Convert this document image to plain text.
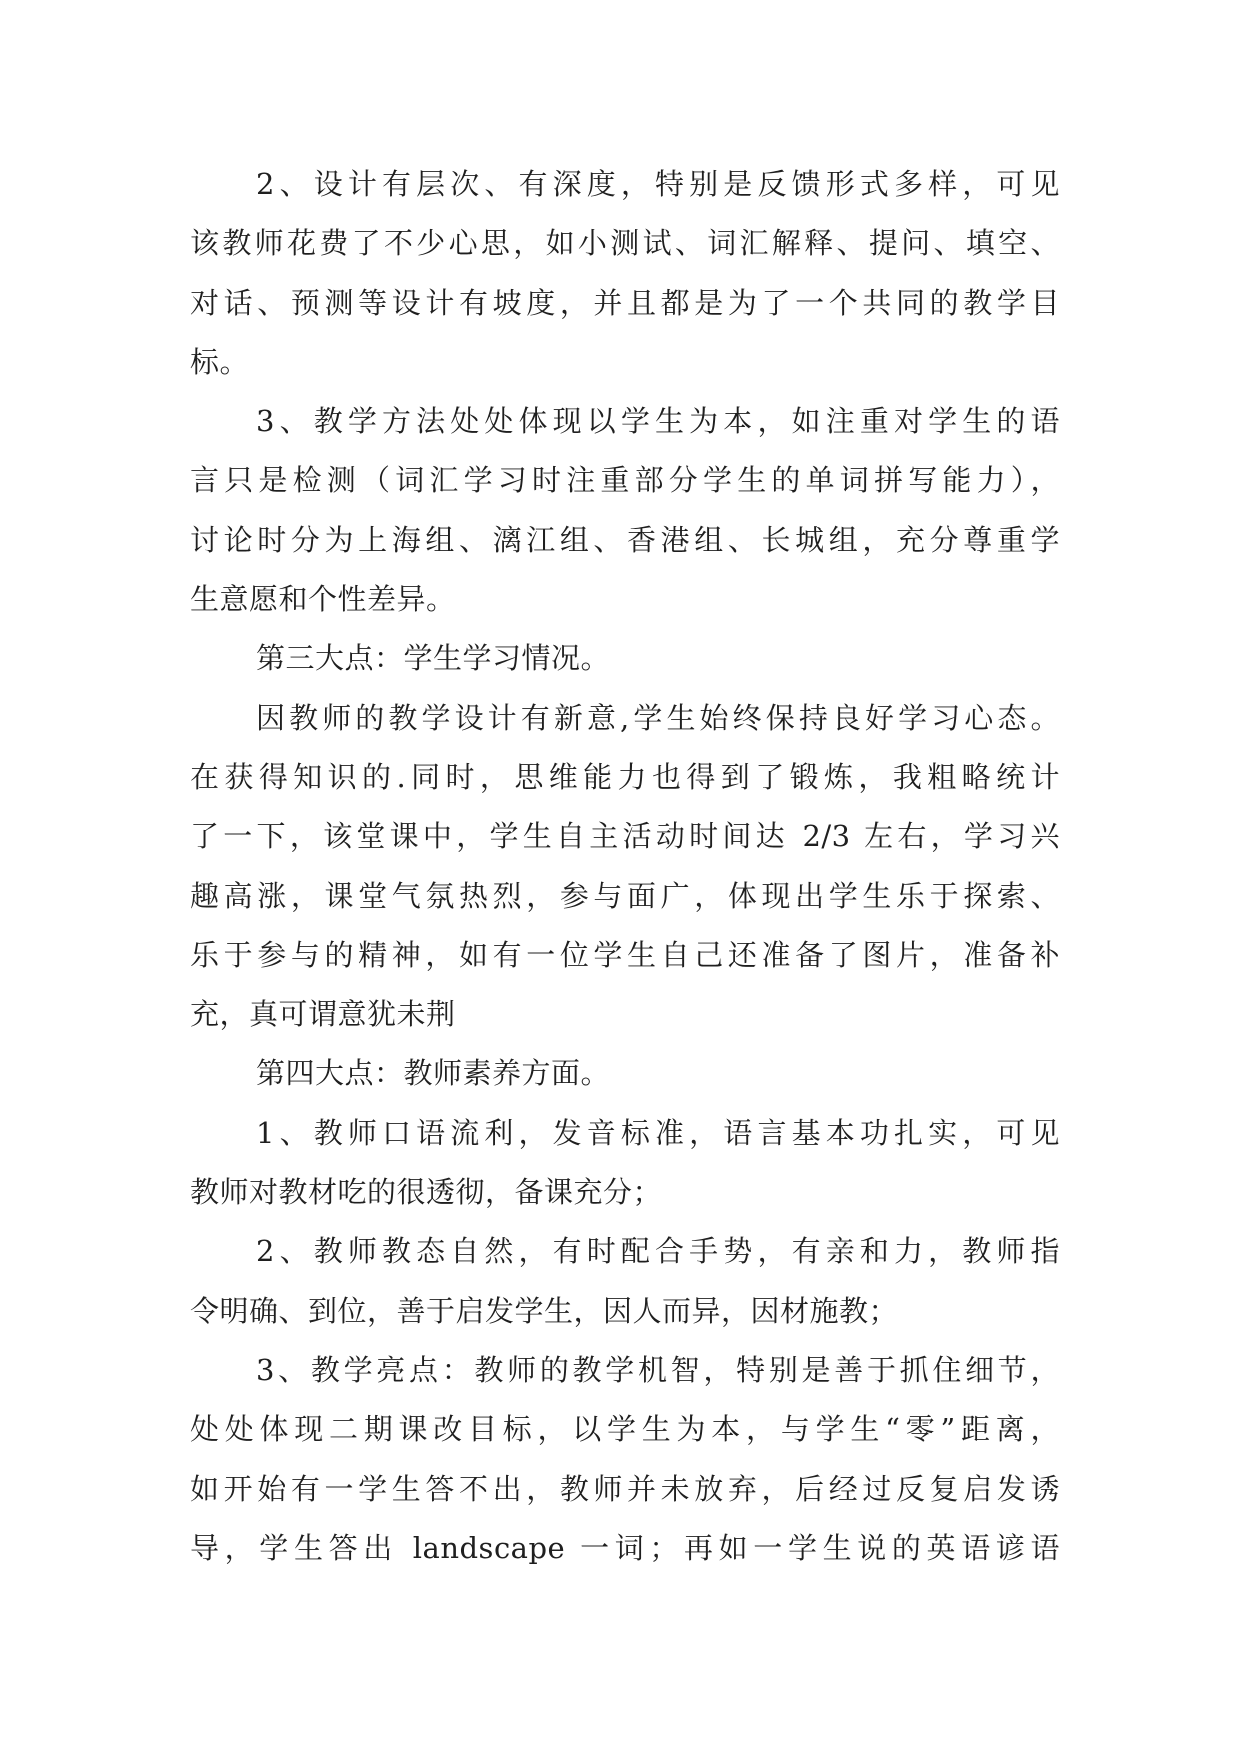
2、设计有层次、有深度，特别是反馈形式多样，可见
该教师花费了不少心思，如小测试、词汇解释、提问、填空、
对话、预测等设计有坡度，并且都是为了一个共同的教学目
标。
3、教学方法处处体现以学生为本，如注重对学生的语
言只是检测（词汇学习时注重部分学生的单词拼写能力），
讨论时分为上海组、漓江组、香港组、长城组，充分尊重学
生意愿和个性差异。
第三大点：学生学习情况。
因教师的教学设计有新意,学生始终保持良好学习心态。
在获得知识的.同时，思维能力也得到了锻炼，我粗略统计
了一下，该堂课中，学生自主活动时间达 2/3 左右，学习兴
趣高涨，课堂气氛热烈，参与面广，体现出学生乐于探索、
乐于参与的精神，如有一位学生自己还准备了图片，准备补
充，真可谓意犹未荆
第四大点：教师素养方面。
1、教师口语流利，发音标准，语言基本功扎实，可见
教师对教材吃的很透彻，备课充分；
2、教师教态自然，有时配合手势，有亲和力，教师指
令明确、到位，善于启发学生，因人而异，因材施教；
3、教学亮点：教师的教学机智，特别是善于抓住细节，
处处体现二期课改目标，以学生为本，与学生“零”距离，
如开始有一学生答不出，教师并未放弃，后经过反复启发诱
导，学生答出 landscape 一词；再如一学生说的英语谚语
